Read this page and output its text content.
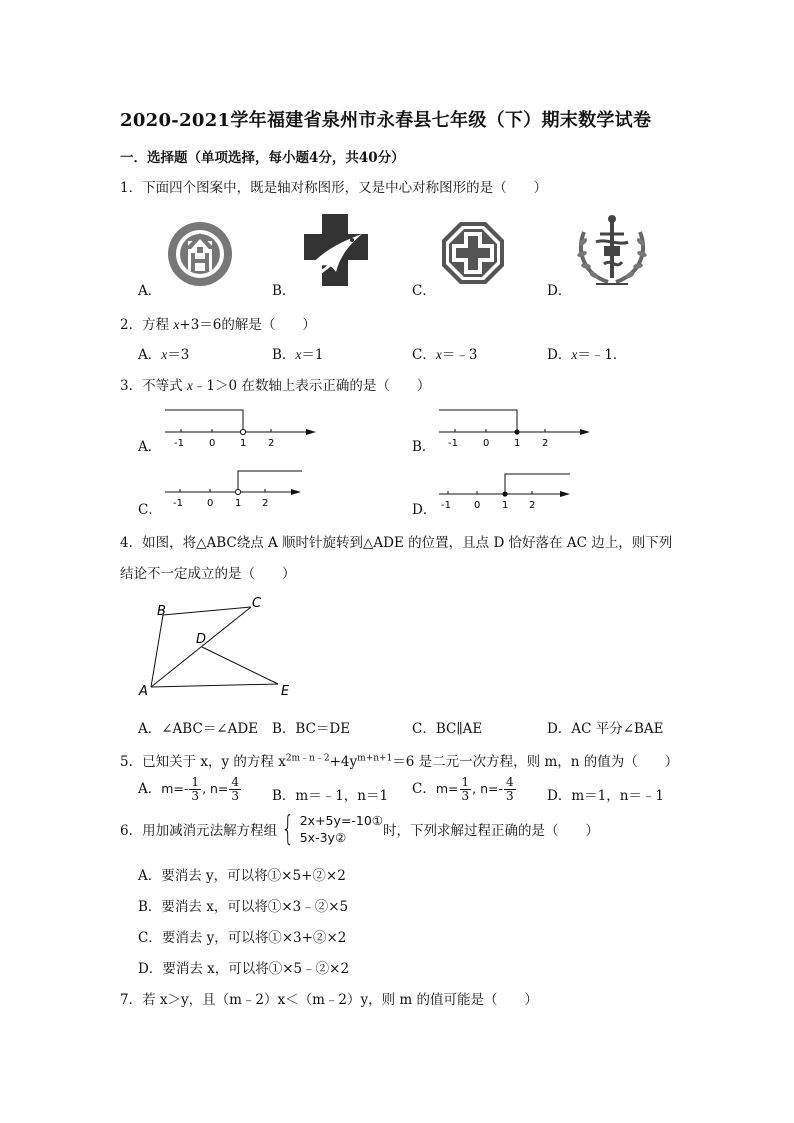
2020-2021学年福建省泉州市永春县七年级（下）期末数学试卷
一．选择题（单项选择，每小题4分，共40分）
1．下面四个图案中，既是轴对称图形，又是中心对称图形的是（　　）
A．	B．	C．	D．
2．方程 x+3＝6的解是（　　）
A．x＝3	B．x＝1	C．x＝﹣3	D．x＝﹣1．
3．不等式 x﹣1＞0 在数轴上表示正确的是（　　）
A． -1	0 1 2	B． -1	0 1 2
C． -1 0 1 2	D． -1 0 1 2
4．如图，将△ABC绕点 A 顺时针旋转到△ADE 的位置，且点 D 恰好落在 AC 边上，则下列
结论不一定成立的是（　　）
B
C
D
A	E
A．∠ABC＝∠ADE B．BC＝DE	C．BC∥AE	D．AC 平分∠BAE
5．已知关于 x，y 的方程 $x^{2m﹣n﹣2}+4y^{m+n+1}=6$ 是二元一次方程，则 m，n 的值为（　　）
A．$m=- \frac{1}{3}$ , $n= \frac{4}{3}$ B．m＝﹣1，n＝1 C．$m= \frac{1}{3}$ , $n=- \frac{4}{3}$ D．m＝1，n＝﹣1
6．用加减消元法解方程组 { 2x+5y=-10①
5x-3y②	时，下列求解过程正确的是（　　）
A．要消去 y，可以将①×5+②×2
B．要消去 x，可以将①×3﹣②×5
C．要消去 y，可以将①×3+②×2
D．要消去 x，可以将①×5﹣②×2
7．若 x＞y，且（m﹣2）x＜（m﹣2）y，则 m 的值可能是（　　）
